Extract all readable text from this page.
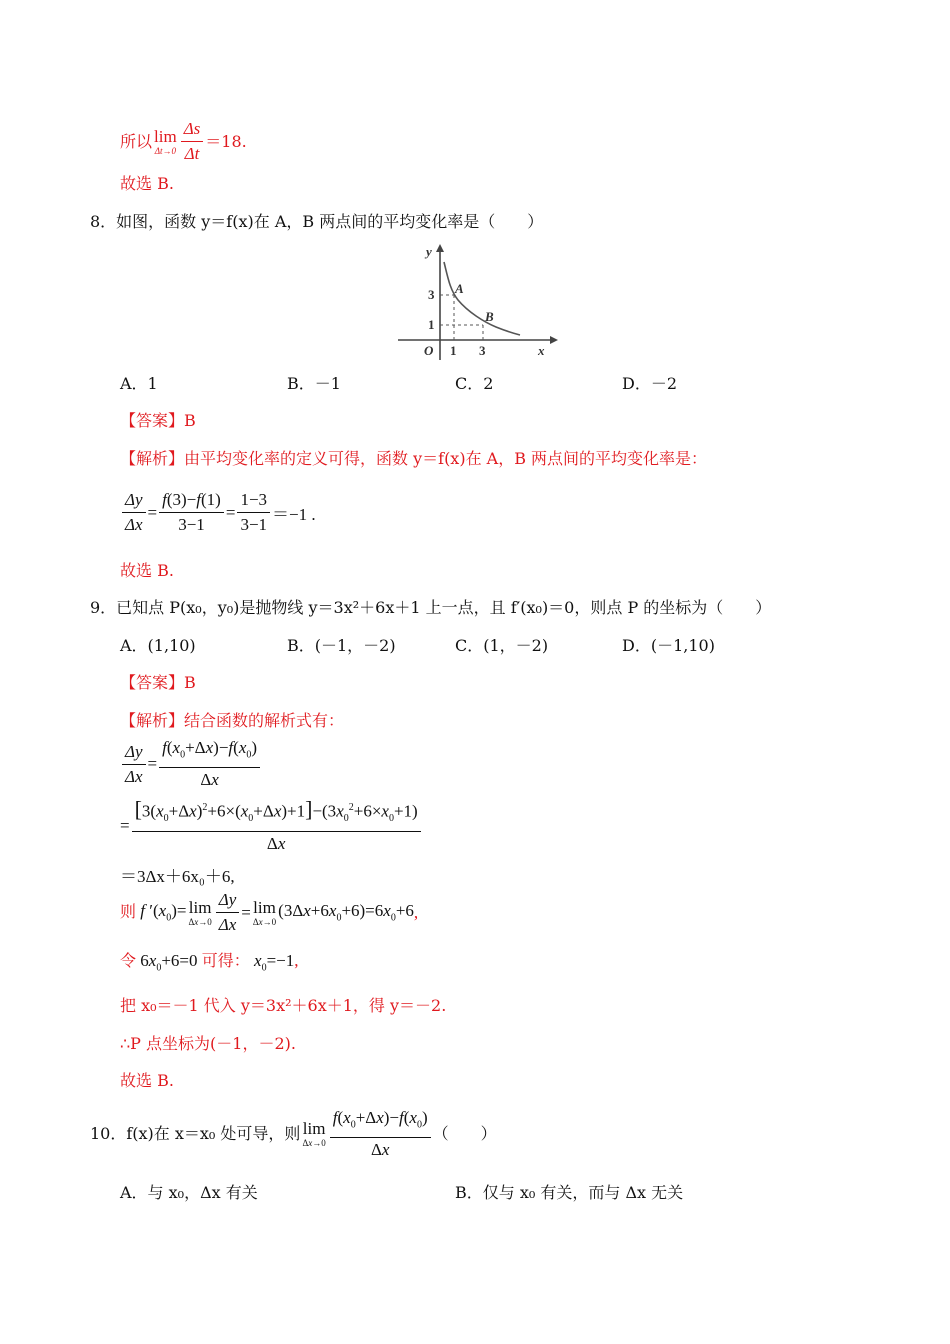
所以 lim
$\Delta t\to 0 \frac{\Delta s}{\Delta t} =18$.
故选 B.
8．如图，函数 y＝f(x)在 A，B 两点间的平均变化率是（　　）
y
x
O 1 3
3
1
A
B
A．1	B．－1	C．2	D．－2
【答案】B
【解析】由平均变化率的定义可得，函数 y＝f(x)在 A，B 两点间的平均变化率是：
$\frac{\Delta y}{\Delta x} = \frac{f(3)-f(1)}{3-1} = \frac{1-3}{3-1} =-1$ .
故选 B.
9．已知点 P(x₀，y₀)是抛物线 y＝3x²＋6x＋1 上一点，且 f′(x₀)＝0，则点 P 的坐标为（　　）
A．(1,10)	B．(－1，－2)	C．(1，－2)	D．(－1,10)
【答案】B
【解析】结合函数的解析式有：
$\frac{\Delta y}{\Delta x} = \frac{f(x_0+\Delta x)-f(x_0)}{\Delta x}$
= $\frac{[3(x_0+\Delta x)^2+6\times(x_0+\Delta x)+1]-(3x_0^2+6\times x_0+1)}{\Delta x}$
＝3Δx＋6x₀＋6,
则 f $'(x_0)= \lim$
$\Delta x\to 0 \frac{\Delta y}{\Delta x} = \lim$
Δx→0
$(3\Delta x+6x_0+6)=6x_0+6$ ,
令 $6x_0+6=0$ 可得： $x_0=-1$,
把 x₀＝－1 代入 y＝3x²＋6x＋1，得 y＝－2.
∴P 点坐标为(－1，－2).
故选 B.
10．f(x)在 x＝x₀ 处可导，则 lim
$\Delta x\to 0 \frac{f(x_0+\Delta x)-f(x_0)}{\Delta x}$ （　　）
A．与 x₀，Δx 有关	B．仅与 x₀ 有关，而与 Δx 无关
